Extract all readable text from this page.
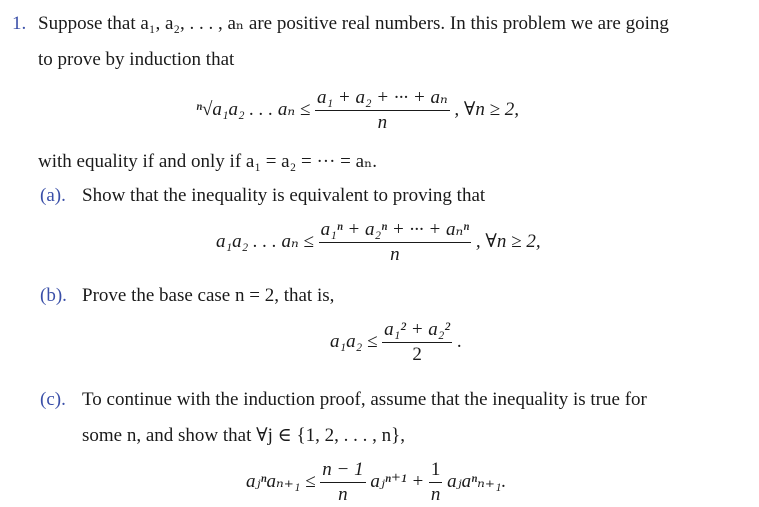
1. Suppose that a₁, a₂, . . . , aₙ are positive real numbers. In this problem we are going
to prove by induction that
ⁿ√a₁a₂ . . . $a_n \le \frac{\text{a₁ + a₂ + ··· + aₙ}}{n}$ , ∀n ≥ 2,
with equality if and only if a₁ = a₂ = ··· = aₙ.
(a). Show that the inequality is equivalent to proving that
a₁a₂ . . . $a_n \le \frac{\text{a₁ⁿ + a₂ⁿ + ··· + aₙⁿ}}{n}$ , ∀n ≥ 2,
(b). Prove the base case n = 2, that is,
$a_1a_2 \le \frac{\text{a₁² + a₂²}}{2}$ .
(c). To continue with the induction proof, assume that the inequality is true for
some n, and show that ∀j ∈ {1, 2, . . . , n},
aⱼⁿaₙ₊₁ ≤ $\frac{n - 1}{n}$ aⱼⁿ⁺¹ + $\frac{1}{n}$ aⱼaⁿₙ₊₁.
